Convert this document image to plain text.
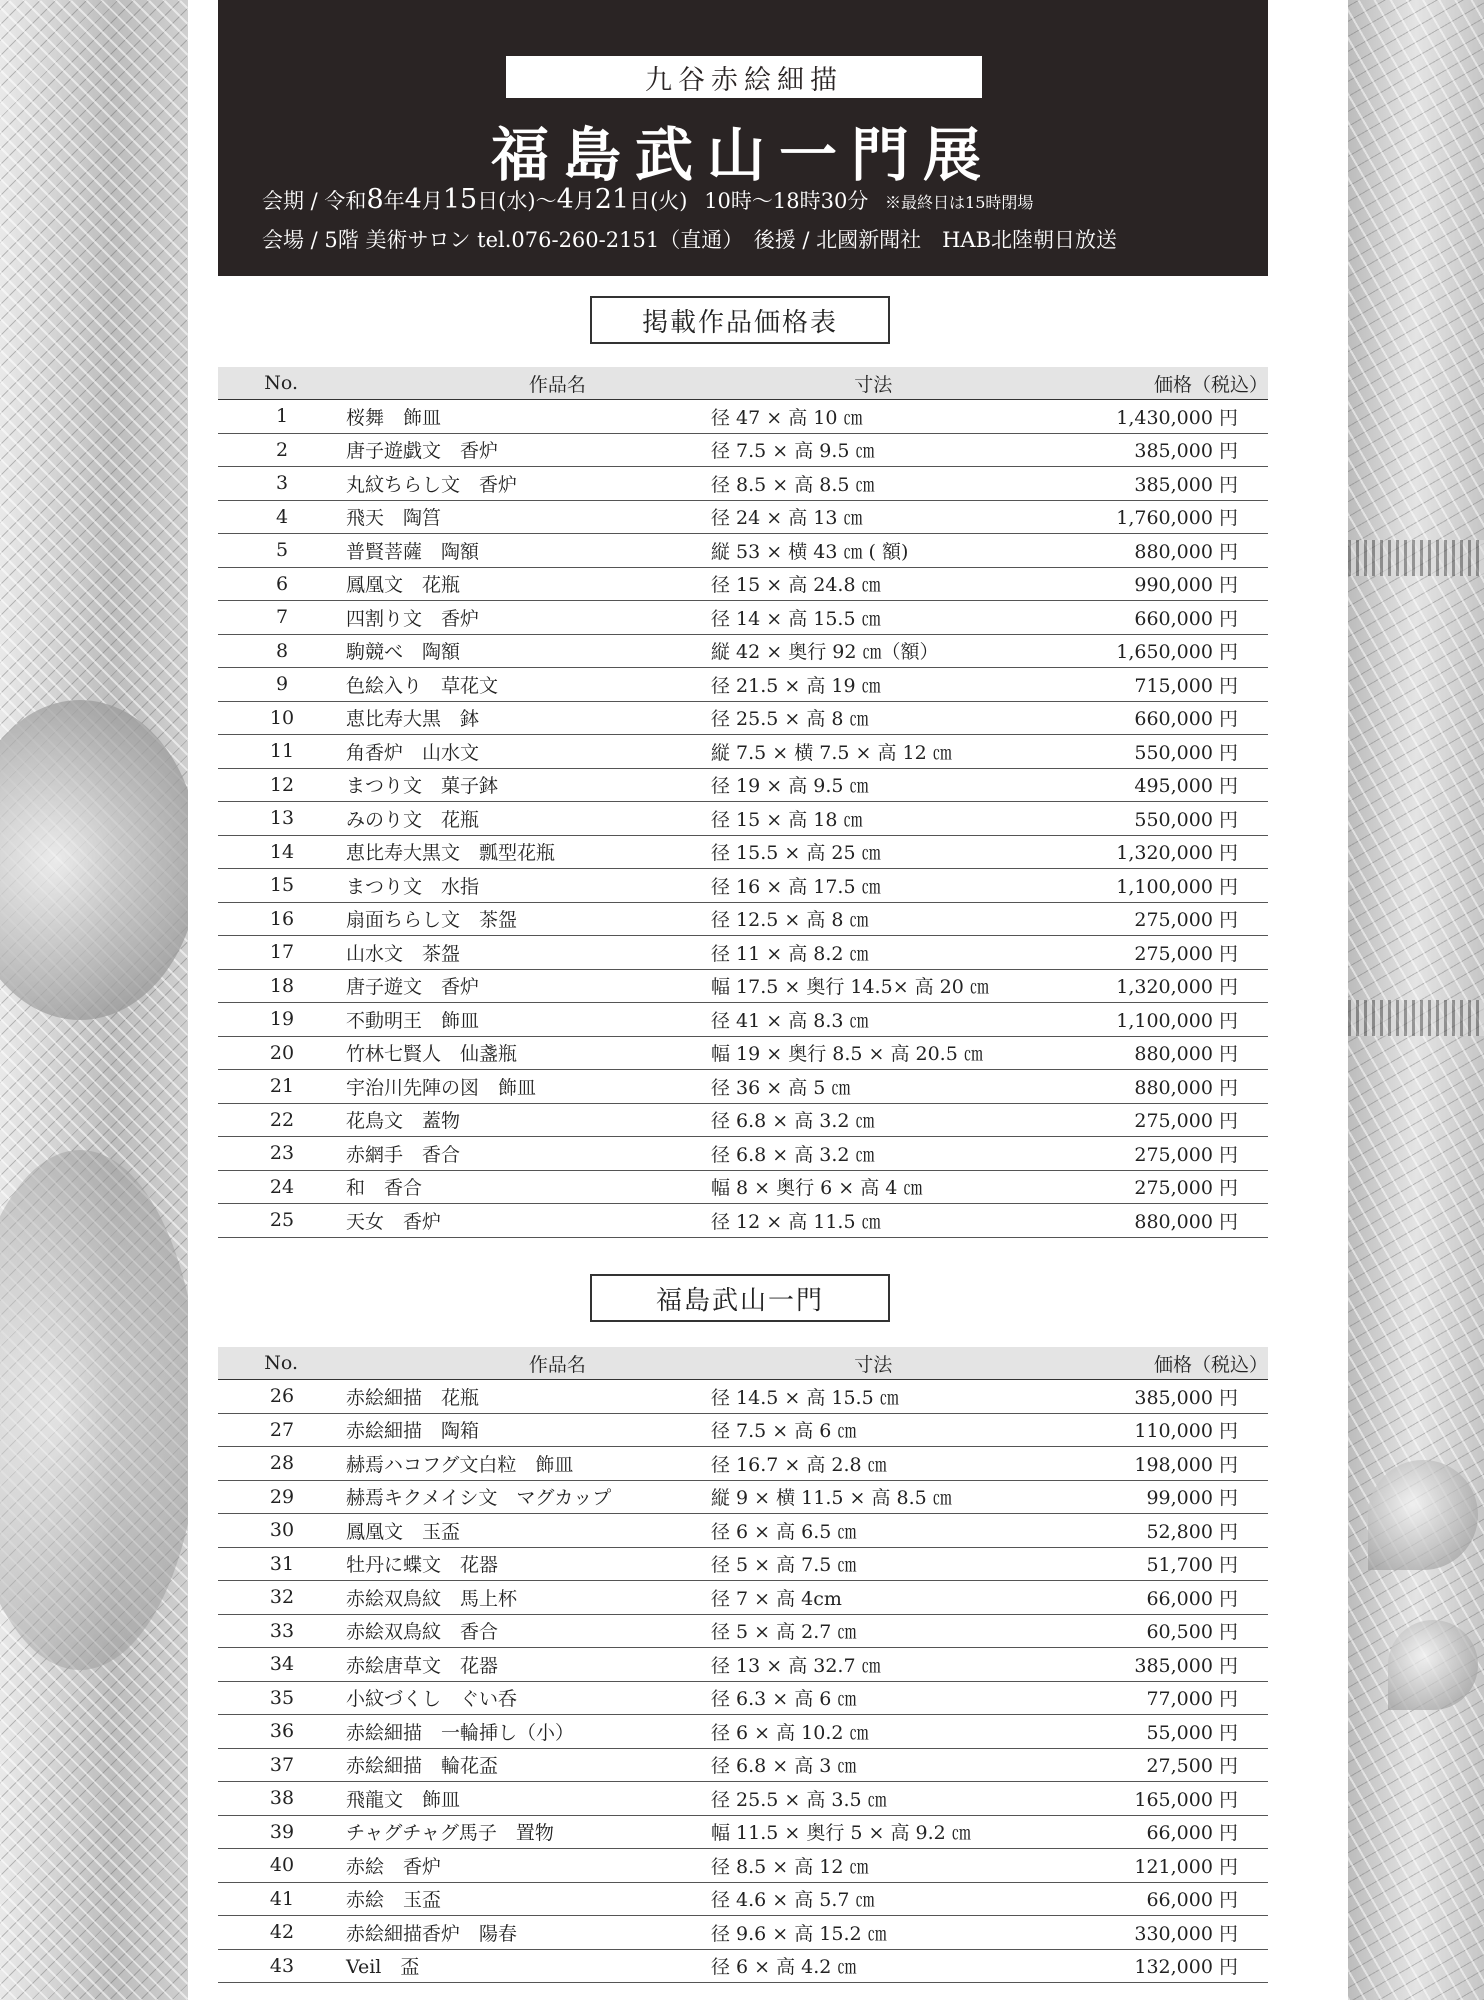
九谷赤絵細描
福島武山一門展
会期 / 令和8年4月15日(水)～4月21日(火) 10時～18時30分 ※最終日は15時閉場
会場 / 5階 美術サロン tel.076-260-2151（直通）　後援 / 北國新聞社　HAB北陸朝日放送
掲載作品価格表
No.	作品名	寸法	価格（税込）
1	桜舞　飾皿	径 47 × 高 10 ㎝	1,430,000 円
2	唐子遊戯文　香炉	径 7.5 × 高 9.5 ㎝	385,000 円
3	丸紋ちらし文　香炉	径 8.5 × 高 8.5 ㎝	385,000 円
4	飛天　陶筥	径 24 × 高 13 ㎝	1,760,000 円
5	普賢菩薩　陶額	縦 53 × 横 43 ㎝ ( 額)	880,000 円
6	鳳凰文　花瓶	径 15 × 高 24.8 ㎝	990,000 円
7	四割り文　香炉	径 14 × 高 15.5 ㎝	660,000 円
8	駒競べ　陶額	縦 42 × 奥行 92 ㎝（額）	1,650,000 円
9	色絵入り　草花文	径 21.5 × 高 19 ㎝	715,000 円
10	恵比寿大黒　鉢	径 25.5 × 高 8 ㎝	660,000 円
11	角香炉　山水文	縦 7.5 × 横 7.5 × 高 12 ㎝	550,000 円
12	まつり文　菓子鉢	径 19 × 高 9.5 ㎝	495,000 円
13	みのり文　花瓶	径 15 × 高 18 ㎝	550,000 円
14	恵比寿大黒文　瓢型花瓶	径 15.5 × 高 25 ㎝	1,320,000 円
15	まつり文　水指	径 16 × 高 17.5 ㎝	1,100,000 円
16	扇面ちらし文　茶盌	径 12.5 × 高 8 ㎝	275,000 円
17	山水文　茶盌	径 11 × 高 8.2 ㎝	275,000 円
18	唐子遊文　香炉	幅 17.5 × 奥行 14.5× 高 20 ㎝	1,320,000 円
19	不動明王　飾皿	径 41 × 高 8.3 ㎝	1,100,000 円
20	竹林七賢人　仙盞瓶	幅 19 × 奥行 8.5 × 高 20.5 ㎝	880,000 円
21	宇治川先陣の図　飾皿	径 36 × 高 5 ㎝	880,000 円
22	花鳥文　蓋物	径 6.8 × 高 3.2 ㎝	275,000 円
23	赤網手　香合	径 6.8 × 高 3.2 ㎝	275,000 円
24	和　香合	幅 8 × 奥行 6 × 高 4 ㎝	275,000 円
25	天女　香炉	径 12 × 高 11.5 ㎝	880,000 円
福島武山一門
No.	作品名	寸法	価格（税込）
26	赤絵細描　花瓶	径 14.5 × 高 15.5 ㎝	385,000 円
27	赤絵細描　陶箱	径 7.5 × 高 6 ㎝	110,000 円
28	赫焉ハコフグ文白粒　飾皿	径 16.7 × 高 2.8 ㎝	198,000 円
29	赫焉キクメイシ文　マグカップ	縦 9 × 横 11.5 × 高 8.5 ㎝	99,000 円
30	鳳凰文　玉盃	径 6 × 高 6.5 ㎝	52,800 円
31	牡丹に蝶文　花器	径 5 × 高 7.5 ㎝	51,700 円
32	赤絵双鳥紋　馬上杯	径 7 × 高 4cm	66,000 円
33	赤絵双鳥紋　香合	径 5 × 高 2.7 ㎝	60,500 円
34	赤絵唐草文　花器	径 13 × 高 32.7 ㎝	385,000 円
35	小紋づくし　ぐい呑	径 6.3 × 高 6 ㎝	77,000 円
36	赤絵細描　一輪挿し（小）	径 6 × 高 10.2 ㎝	55,000 円
37	赤絵細描　輪花盃	径 6.8 × 高 3 ㎝	27,500 円
38	飛龍文　飾皿	径 25.5 × 高 3.5 ㎝	165,000 円
39	チャグチャグ馬子　置物	幅 11.5 × 奥行 5 × 高 9.2 ㎝	66,000 円
40	赤絵　香炉	径 8.5 × 高 12 ㎝	121,000 円
41	赤絵　玉盃	径 4.6 × 高 5.7 ㎝	66,000 円
42	赤絵細描香炉　陽春	径 9.6 × 高 15.2 ㎝	330,000 円
43	Veil　盃	径 6 × 高 4.2 ㎝	132,000 円
